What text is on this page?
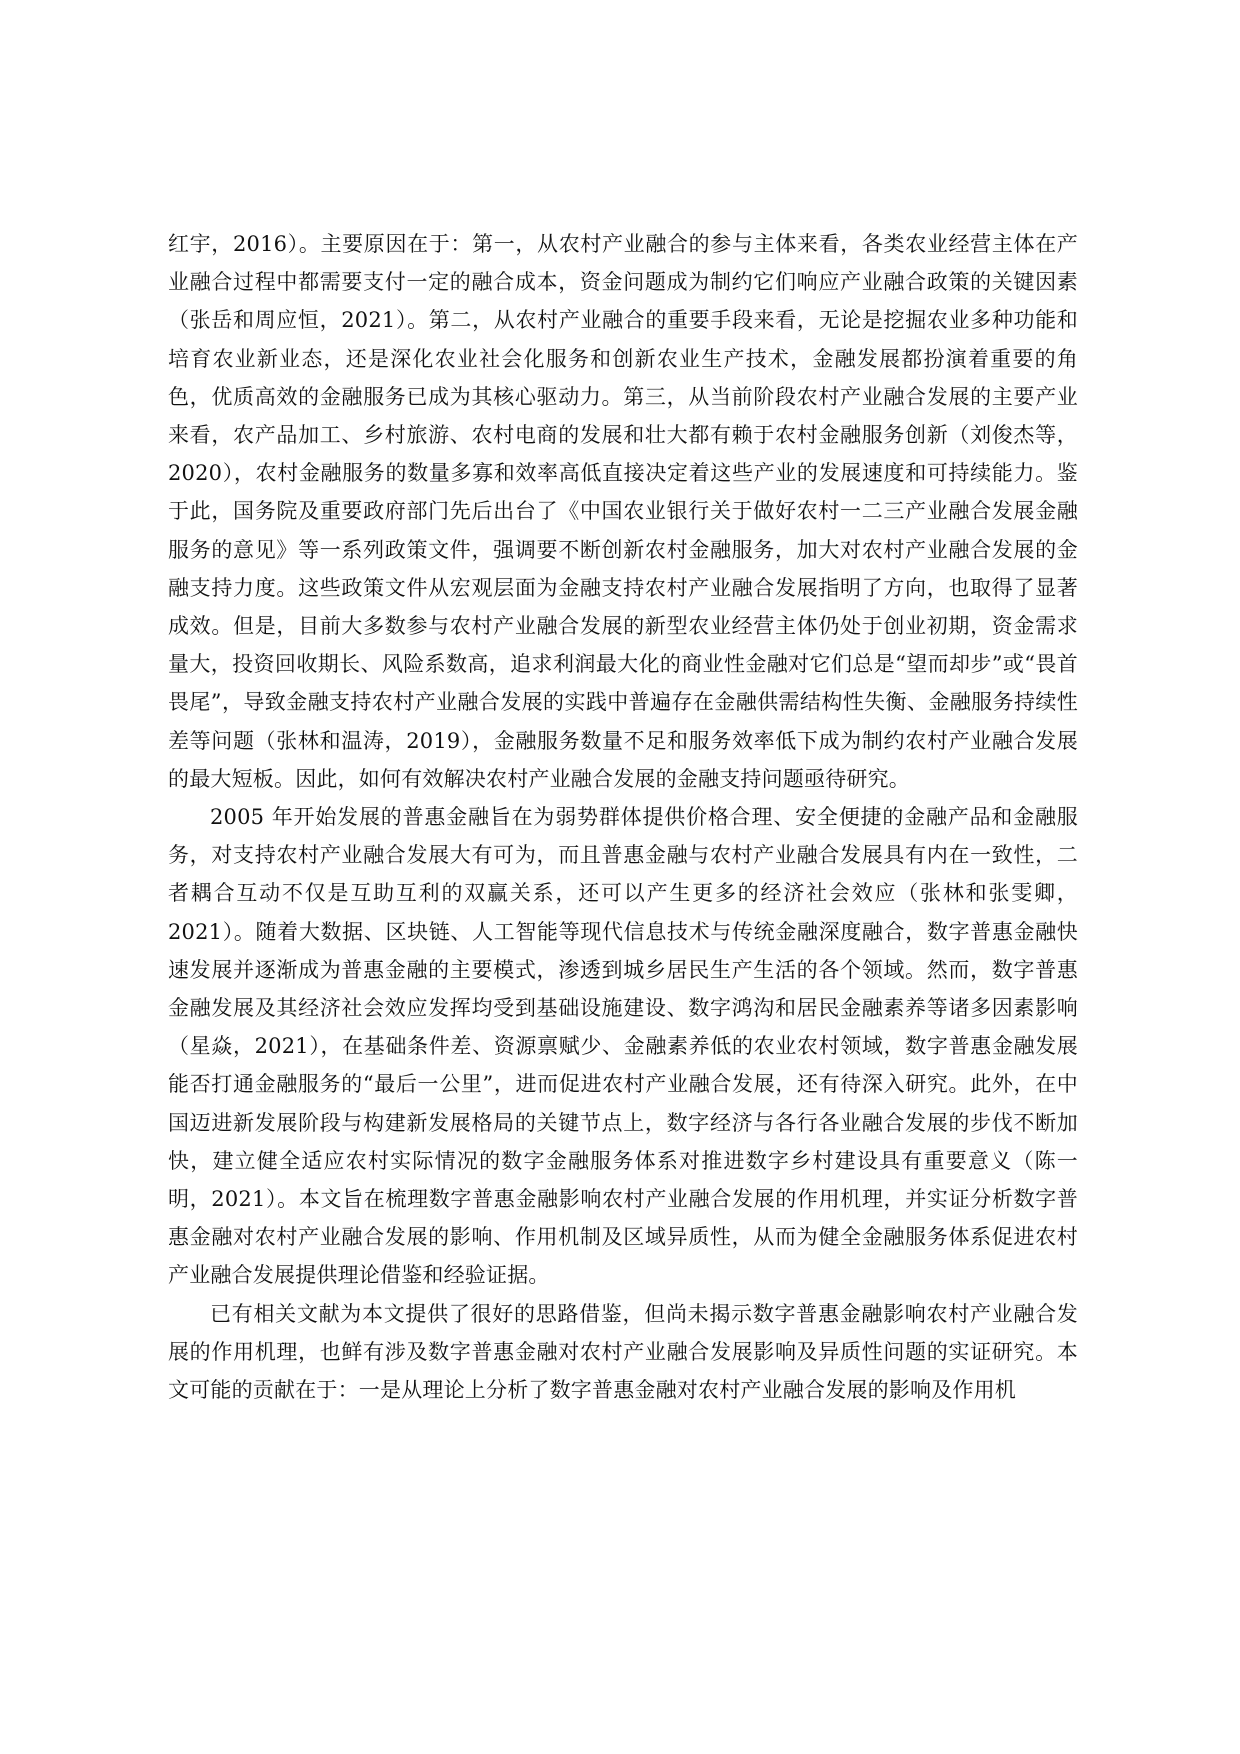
红宇，2016）。主要原因在于：第一，从农村产业融合的参与主体来看，各类农业经营主体在产业融合过程中都需要支付一定的融合成本，资金问题成为制约它们响应产业融合政策的关键因素（张岳和周应恒，2021）。第二，从农村产业融合的重要手段来看，无论是挖掘农业多种功能和培育农业新业态，还是深化农业社会化服务和创新农业生产技术，金融发展都扮演着重要的角色，优质高效的金融服务已成为其核心驱动力。第三，从当前阶段农村产业融合发展的主要产业来看，农产品加工、乡村旅游、农村电商的发展和壮大都有赖于农村金融服务创新（刘俊杰等，2020），农村金融服务的数量多寡和效率高低直接决定着这些产业的发展速度和可持续能力。鉴于此，国务院及重要政府部门先后出台了《中国农业银行关于做好农村一二三产业融合发展金融服务的意见》等一系列政策文件，强调要不断创新农村金融服务，加大对农村产业融合发展的金融支持力度。这些政策文件从宏观层面为金融支持农村产业融合发展指明了方向，也取得了显著成效。但是，目前大多数参与农村产业融合发展的新型农业经营主体仍处于创业初期，资金需求量大，投资回收期长、风险系数高，追求利润最大化的商业性金融对它们总是“望而却步”或“畏首畏尾”，导致金融支持农村产业融合发展的实践中普遍存在金融供需结构性失衡、金融服务持续性差等问题（张林和温涛，2019），金融服务数量不足和服务效率低下成为制约农村产业融合发展的最大短板。因此，如何有效解决农村产业融合发展的金融支持问题亟待研究。

2005 年开始发展的普惠金融旨在为弱势群体提供价格合理、安全便捷的金融产品和金融服务，对支持农村产业融合发展大有可为，而且普惠金融与农村产业融合发展具有内在一致性，二者耦合互动不仅是互助互利的双赢关系，还可以产生更多的经济社会效应（张林和张雯卿，2021）。随着大数据、区块链、人工智能等现代信息技术与传统金融深度融合，数字普惠金融快速发展并逐渐成为普惠金融的主要模式，渗透到城乡居民生产生活的各个领域。然而，数字普惠金融发展及其经济社会效应发挥均受到基础设施建设、数字鸿沟和居民金融素养等诸多因素影响（星焱，2021），在基础条件差、资源禀赋少、金融素养低的农业农村领域，数字普惠金融发展能否打通金融服务的“最后一公里”，进而促进农村产业融合发展，还有待深入研究。此外，在中国迈进新发展阶段与构建新发展格局的关键节点上，数字经济与各行各业融合发展的步伐不断加快，建立健全适应农村实际情况的数字金融服务体系对推进数字乡村建设具有重要意义（陈一明，2021）。本文旨在梳理数字普惠金融影响农村产业融合发展的作用机理，并实证分析数字普惠金融对农村产业融合发展的影响、作用机制及区域异质性，从而为健全金融服务体系促进农村产业融合发展提供理论借鉴和经验证据。

已有相关文献为本文提供了很好的思路借鉴，但尚未揭示数字普惠金融影响农村产业融合发展的作用机理，也鲜有涉及数字普惠金融对农村产业融合发展影响及异质性问题的实证研究。本文可能的贡献在于：一是从理论上分析了数字普惠金融对农村产业融合发展的影响及作用机
